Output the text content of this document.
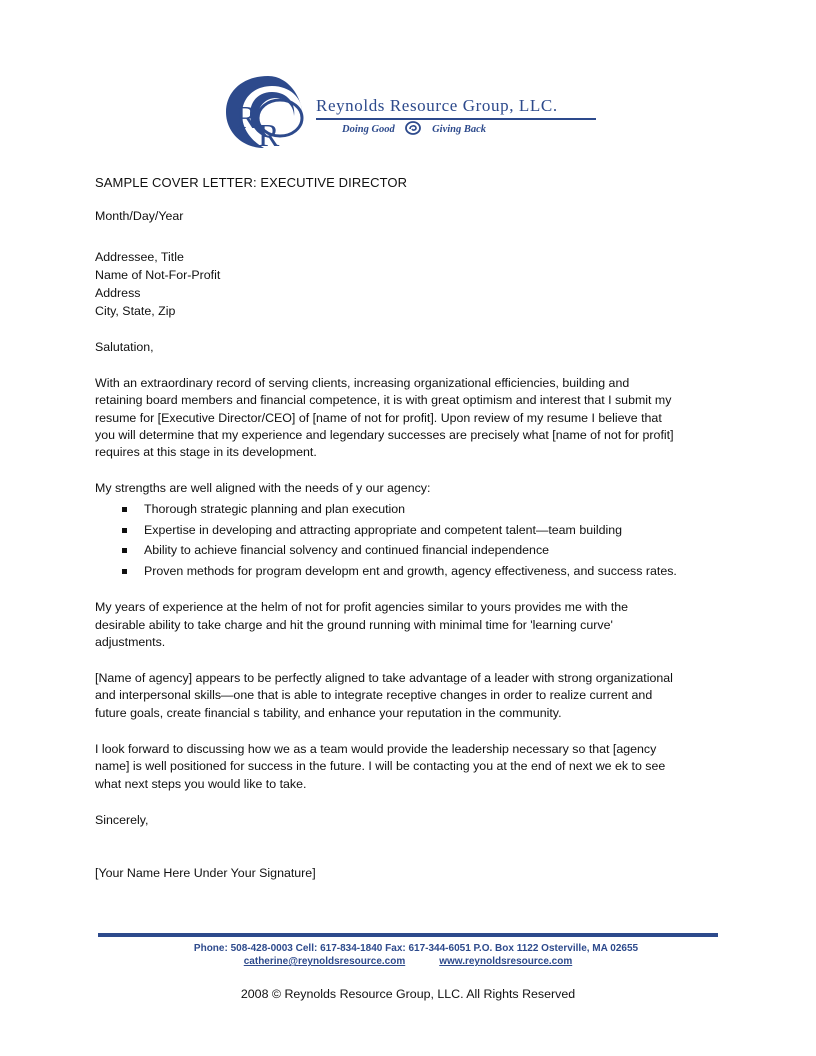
R R
Reynolds Resource Group, LLC.
Doing Good	Giving Back
SAMPLE COVER LETTER: EXECUTIVE DIRECTOR
Month/Day/Year
Addressee, Title
Name of Not-For-Profit
Address
City, State, Zip
Salutation,
With an extraordinary record of serving clients, increasing organizational efficiencies, building and
retaining board members and financial competence, it is with great optimism and interest that I submit my
resume for [Executive Director/CEO] of [name of not for profit]. Upon review of my resume I believe that
you will determine that my experience and legendary successes are precisely what [name of not for profit]
requires at this stage in its development.
My strengths are well aligned with the needs of y our agency:
Thorough strategic planning and plan execution
Expertise in developing and attracting appropriate and competent talent—team building
Ability to achieve financial solvency and continued financial independence
Proven methods for program developm ent and growth, agency effectiveness, and success rates.
My years of experience at the helm of not for profit agencies similar to yours provides me with the
desirable ability to take charge and hit the ground running with minimal time for 'learning curve'
adjustments.
[Name of agency] appears to be perfectly aligned to take advantage of a leader with strong organizational
and interpersonal skills—one that is able to integrate receptive changes in order to realize current and
future goals, create financial s tability, and enhance your reputation in the community.
I look forward to discussing how we as a team would provide the leadership necessary so that [agency
name] is well positioned for success in the future. I will be contacting you at the end of next we ek to see
what next steps you would like to take.
Sincerely,
[Your Name Here Under Your Signature]
Phone: 508-428-0003 Cell: 617-834-1840 Fax: 617-344-6051 P.O. Box 1122 Osterville, MA 02655
catherine@reynoldsresource.com	www.reynoldsresource.com
2008 © Reynolds Resource Group, LLC. All Rights Reserved
